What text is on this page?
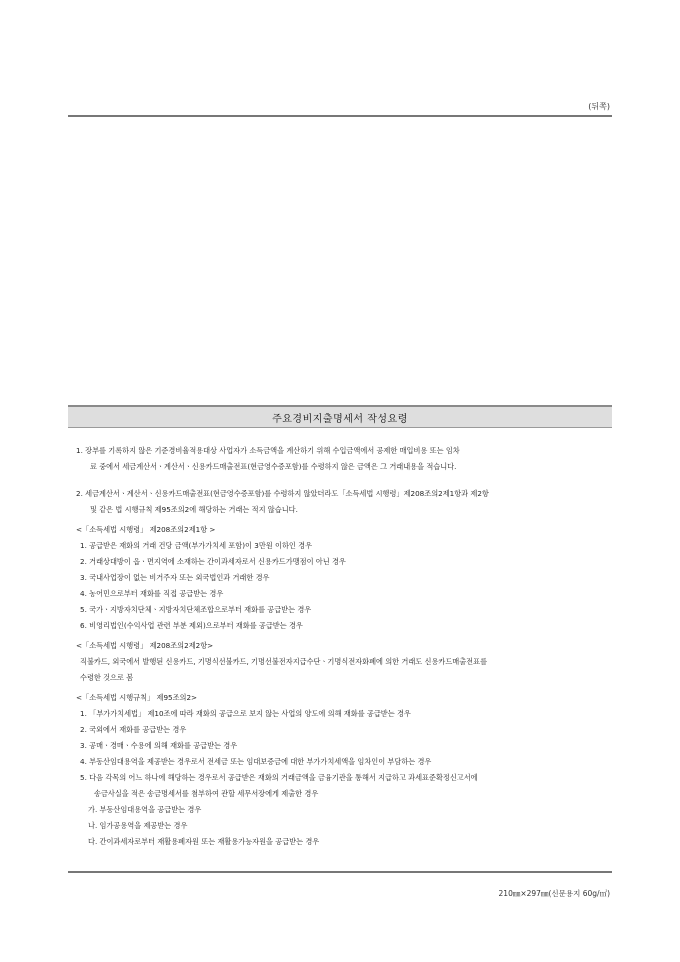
(뒤쪽)
주요경비지출명세서 작성요령
1. 장부를 기록하지 않은 기준경비율적용대상 사업자가 소득금액을 계산하기 위해 수입금액에서 공제한 매입비용 또는 임차
료 중에서 세금계산서ㆍ계산서ㆍ신용카드매출전표(현금영수증포함)를 수령하지 않은 금액은 그 거래내용을 적습니다.
2. 세금계산서ㆍ계산서ㆍ신용카드매출전표(현금영수증포함)를 수령하지 않았더라도「소득세법 시행령」제208조의2제1항과 제2항
및 같은 법 시행규칙 제95조의2에 해당하는 거래는 적지 않습니다.
<「소득세법 시행령」 제208조의2제1항 >
1. 공급받은 재화의 거래 건당 금액(부가가치세 포함)이 3만원 이하인 경우
2. 거래상대방이 읍ㆍ면지역에 소재하는 간이과세자로서 신용카드가맹점이 아닌 경우
3. 국내사업장이 없는 비거주자 또는 외국법인과 거래한 경우
4. 농어민으로부터 재화를 직접 공급받는 경우
5. 국가ㆍ지방자치단체ㆍ지방자치단체조합으로부터 재화를 공급받는 경우
6. 비영리법인(수익사업 관련 부분 제외)으로부터 재화를 공급받는 경우
<「소득세법 시행령」 제208조의2제2항>
직불카드, 외국에서 발행된 신용카드, 기명식선불카드, 기명선불전자지급수단ㆍ기명식전자화폐에 의한 거래도 신용카드매출전표를
수령한 것으로 봄
<「소득세법 시행규칙」 제95조의2>
1. 「부가가치세법」 제10조에 따라 재화의 공급으로 보지 않는 사업의 양도에 의해 재화를 공급받는 경우
2. 국외에서 재화를 공급받는 경우
3. 공매ㆍ경매ㆍ수용에 의해 재화를 공급받는 경우
4. 부동산임대용역을 제공받는 경우로서 전세금 또는 임대보증금에 대한 부가가치세액을 임차인이 부담하는 경우
5. 다음 각목의 어느 하나에 해당하는 경우로서 공급받은 재화의 거래금액을 금융기관을 통해서 지급하고 과세표준확정신고서에
송금사실을 적은 송금명세서를 첨부하여 관할 세무서장에게 제출한 경우
가. 부동산임대용역을 공급받는 경우
나. 임가공용역을 제공받는 경우
다. 간이과세자로부터 재활용폐자원 또는 재활용가능자원을 공급받는 경우
210㎜×297㎜(신문용지 60g/㎡)
